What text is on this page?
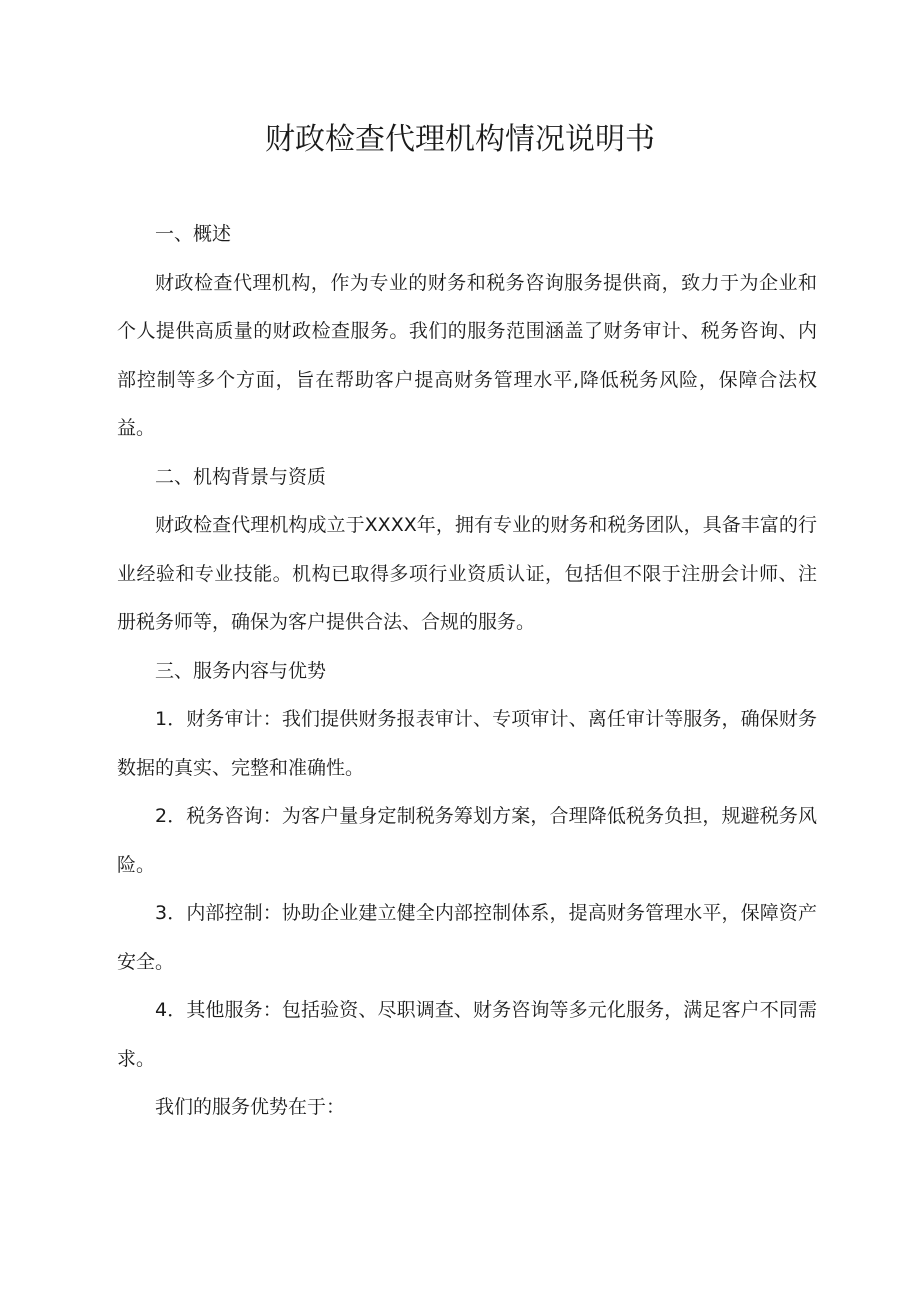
财政检查代理机构情况说明书

一、概述

财政检查代理机构，作为专业的财务和税务咨询服务提供商，致力于为企业和个人提供高质量的财政检查服务。我们的服务范围涵盖了财务审计、税务咨询、内部控制等多个方面，旨在帮助客户提高财务管理水平,降低税务风险，保障合法权益。

二、机构背景与资质

财政检查代理机构成立于XXXX年，拥有专业的财务和税务团队，具备丰富的行业经验和专业技能。机构已取得多项行业资质认证，包括但不限于注册会计师、注册税务师等，确保为客户提供合法、合规的服务。

三、服务内容与优势

1．财务审计：我们提供财务报表审计、专项审计、离任审计等服务，确保财务数据的真实、完整和准确性。

2．税务咨询：为客户量身定制税务筹划方案，合理降低税务负担，规避税务风险。

3．内部控制：协助企业建立健全内部控制体系，提高财务管理水平，保障资产安全。

4．其他服务：包括验资、尽职调查、财务咨询等多元化服务，满足客户不同需求。

我们的服务优势在于：
